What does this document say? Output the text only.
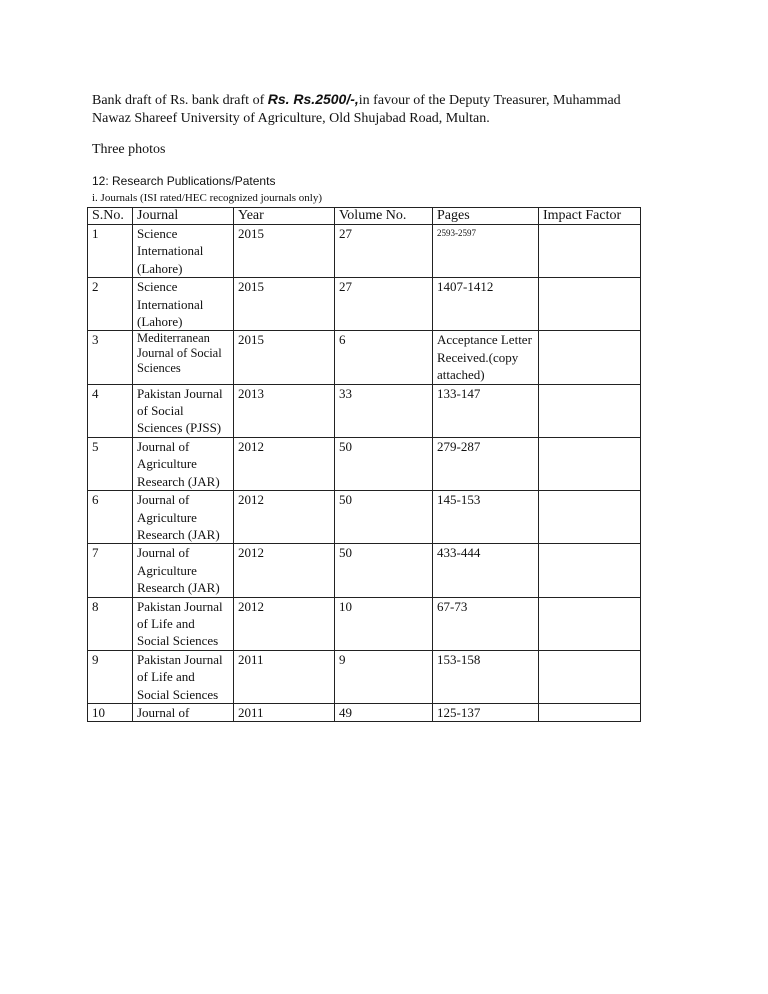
Bank draft of Rs. bank draft of Rs. Rs.2500/-,in favour of the Deputy Treasurer, Muhammad Nawaz Shareef University of Agriculture, Old Shujabad Road, Multan.

Three photos

12: Research Publications/Patents

i. Journals (ISI rated/HEC recognized journals only)

S.No.	Journal	Year	Volume No.	Pages	Impact Factor
1	Science International (Lahore)	2015	27	2593-2597	
2	Science International (Lahore)	2015	27	1407-1412	
3	Mediterranean Journal of Social Sciences	2015	6	Acceptance Letter Received.(copy attached)	
4	Pakistan Journal of Social Sciences (PJSS)	2013	33	133-147	
5	Journal of Agriculture Research (JAR)	2012	50	279-287	
6	Journal of Agriculture Research (JAR)	2012	50	145-153	
7	Journal of Agriculture Research (JAR)	2012	50	433-444	
8	Pakistan Journal of Life and Social Sciences	2012	10	67-73	
9	Pakistan Journal of Life and Social Sciences	2011	9	153-158	
10	Journal of	2011	49	125-137	
